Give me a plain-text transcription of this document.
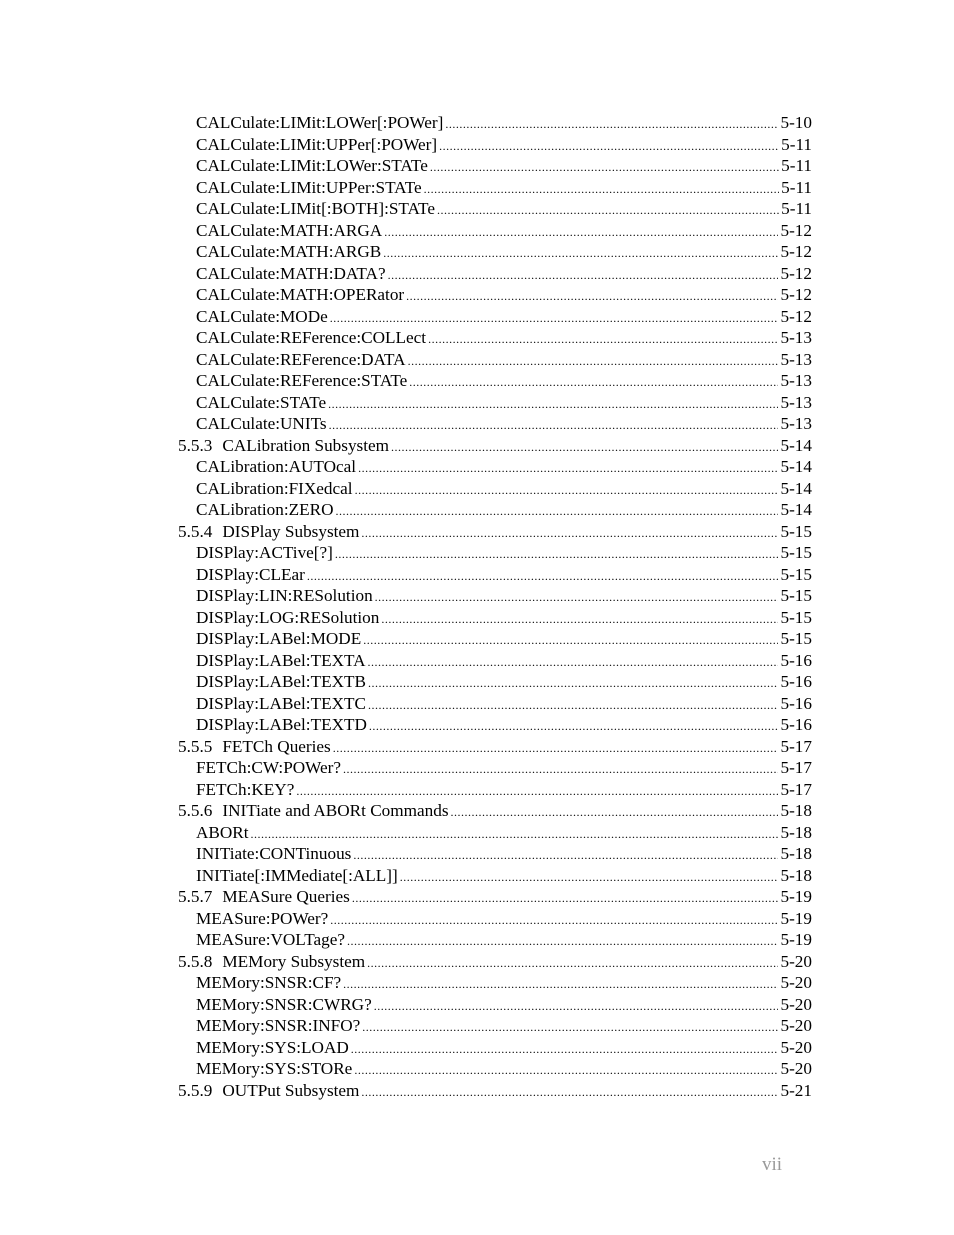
CALCulate:LIMit:LOWer[:POWer] .....	5-10
CALCulate:LIMit:UPPer[:POWer] .....	5-11
CALCulate:LIMit:LOWer:STATe .....	5-11
CALCulate:LIMit:UPPer:STATe .....	5-11
CALCulate:LIMit[:BOTH]:STATe .....	5-11
CALCulate:MATH:ARGA .....	5-12
CALCulate:MATH:ARGB .....	5-12
CALCulate:MATH:DATA? .....	5-12
CALCulate:MATH:OPERator .....	5-12
CALCulate:MODe .....	5-12
CALCulate:REFerence:COLLect .....	5-13
CALCulate:REFerence:DATA .....	5-13
CALCulate:REFerence:STATe .....	5-13
CALCulate:STATe .....	5-13
CALCulate:UNITs .....	5-13
5.5.3 CALibration Subsystem .....	5-14
CALibration:AUTOcal .....	5-14
CALibration:FIXedcal .....	5-14
CALibration:ZERO .....	5-14
5.5.4 DISPlay Subsystem .....	5-15
DISPlay:ACTive[?] .....	5-15
DISPlay:CLEar .....	5-15
DISPlay:LIN:RESolution .....	5-15
DISPlay:LOG:RESolution .....	5-15
DISPlay:LABel:MODE .....	5-15
DISPlay:LABel:TEXTA .....	5-16
DISPlay:LABel:TEXTB .....	5-16
DISPlay:LABel:TEXTC .....	5-16
DISPlay:LABel:TEXTD .....	5-16
5.5.5 FETCh Queries .....	5-17
FETCh:CW:POWer? .....	5-17
FETCh:KEY? .....	5-17
5.5.6 INITiate and ABORt Commands .....	5-18
ABORt .....	5-18
INITiate:CONTinuous .....	5-18
INITiate[:IMMediate[:ALL]] .....	5-18
5.5.7 MEASure Queries .....	5-19
MEASure:POWer? .....	5-19
MEASure:VOLTage? .....	5-19
5.5.8 MEMory Subsystem .....	5-20
MEMory:SNSR:CF? .....	5-20
MEMory:SNSR:CWRG? .....	5-20
MEMory:SNSR:INFO? .....	5-20
MEMory:SYS:LOAD .....	5-20
MEMory:SYS:STORe .....	5-20
5.5.9 OUTPut Subsystem .....	5-21
vii
